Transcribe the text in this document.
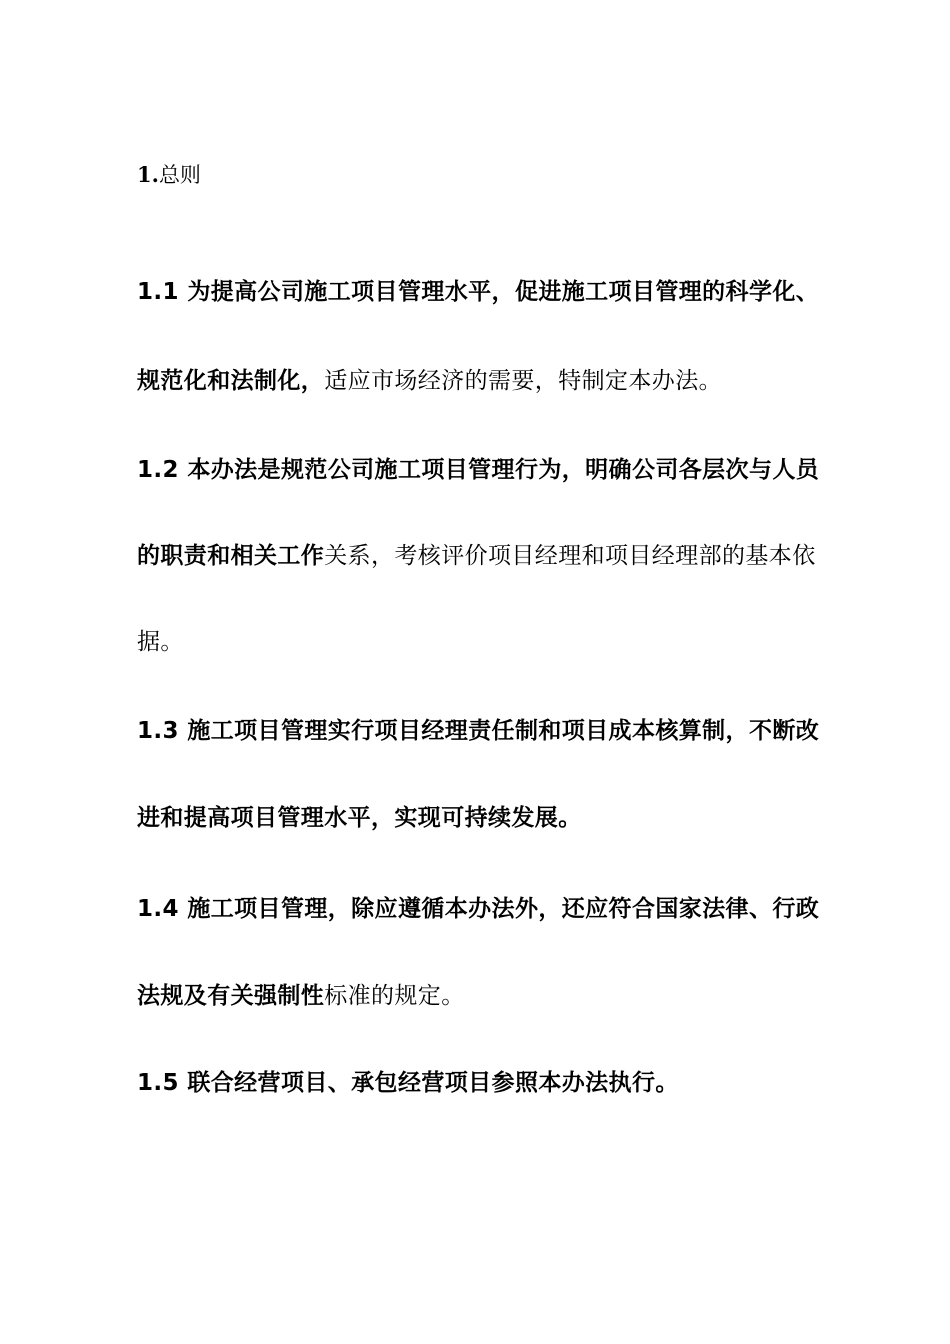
1.总则
1.1 为提高公司施工项目管理水平，促进施工项目管理的科学化、
规范化和法制化，适应市场经济的需要，特制定本办法。
1.2 本办法是规范公司施工项目管理行为，明确公司各层次与人员
的职责和相关工作关系，考核评价项目经理和项目经理部的基本依
据。
1.3 施工项目管理实行项目经理责任制和项目成本核算制，不断改
进和提高项目管理水平，实现可持续发展。
1.4 施工项目管理，除应遵循本办法外，还应符合国家法律、行政
法规及有关强制性标准的规定。
1.5 联合经营项目、承包经营项目参照本办法执行。
